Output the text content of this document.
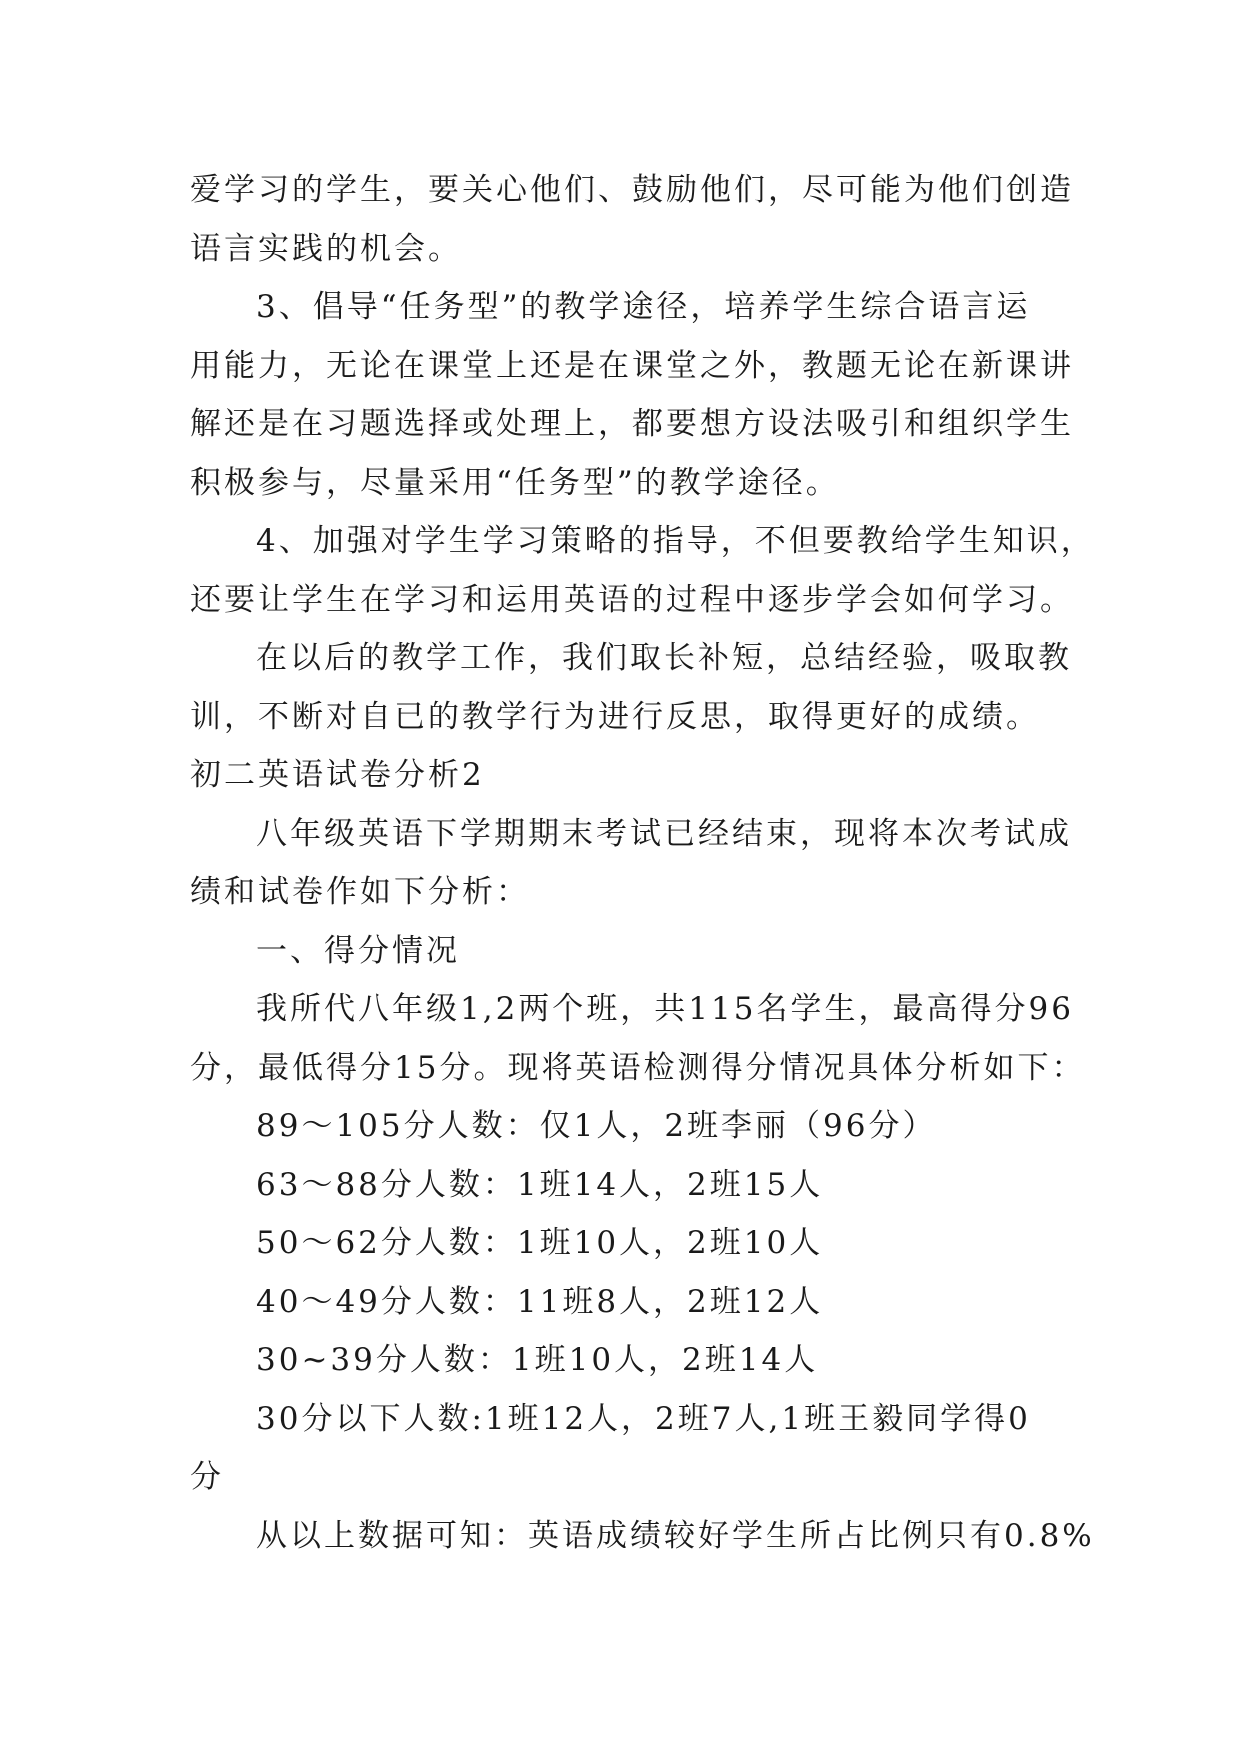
爱学习的学生，要关心他们、鼓励他们，尽可能为他们创造
语言实践的机会。
3、倡导“任务型”的教学途径，培养学生综合语言运
用能力，无论在课堂上还是在课堂之外，教题无论在新课讲
解还是在习题选择或处理上，都要想方设法吸引和组织学生
积极参与，尽量采用“任务型”的教学途径。
4、加强对学生学习策略的指导，不但要教给学生知识，
还要让学生在学习和运用英语的过程中逐步学会如何学习。
在以后的教学工作，我们取长补短，总结经验，吸取教
训，不断对自已的教学行为进行反思，取得更好的成绩。
初二英语试卷分析2
八年级英语下学期期末考试已经结束，现将本次考试成
绩和试卷作如下分析：
一、得分情况
我所代八年级1,2两个班，共115名学生，最高得分96
分，最低得分15分。现将英语检测得分情况具体分析如下：
89～105分人数：仅1人，2班李丽（96分）
63～88分人数：1班14人，2班15人
50～62分人数：1班10人，2班10人
40～49分人数：11班8人，2班12人
30~39分人数：1班10人，2班14人
30分以下人数:1班12人，2班7人,1班王毅同学得0
分
从以上数据可知：英语成绩较好学生所占比例只有0.8%
